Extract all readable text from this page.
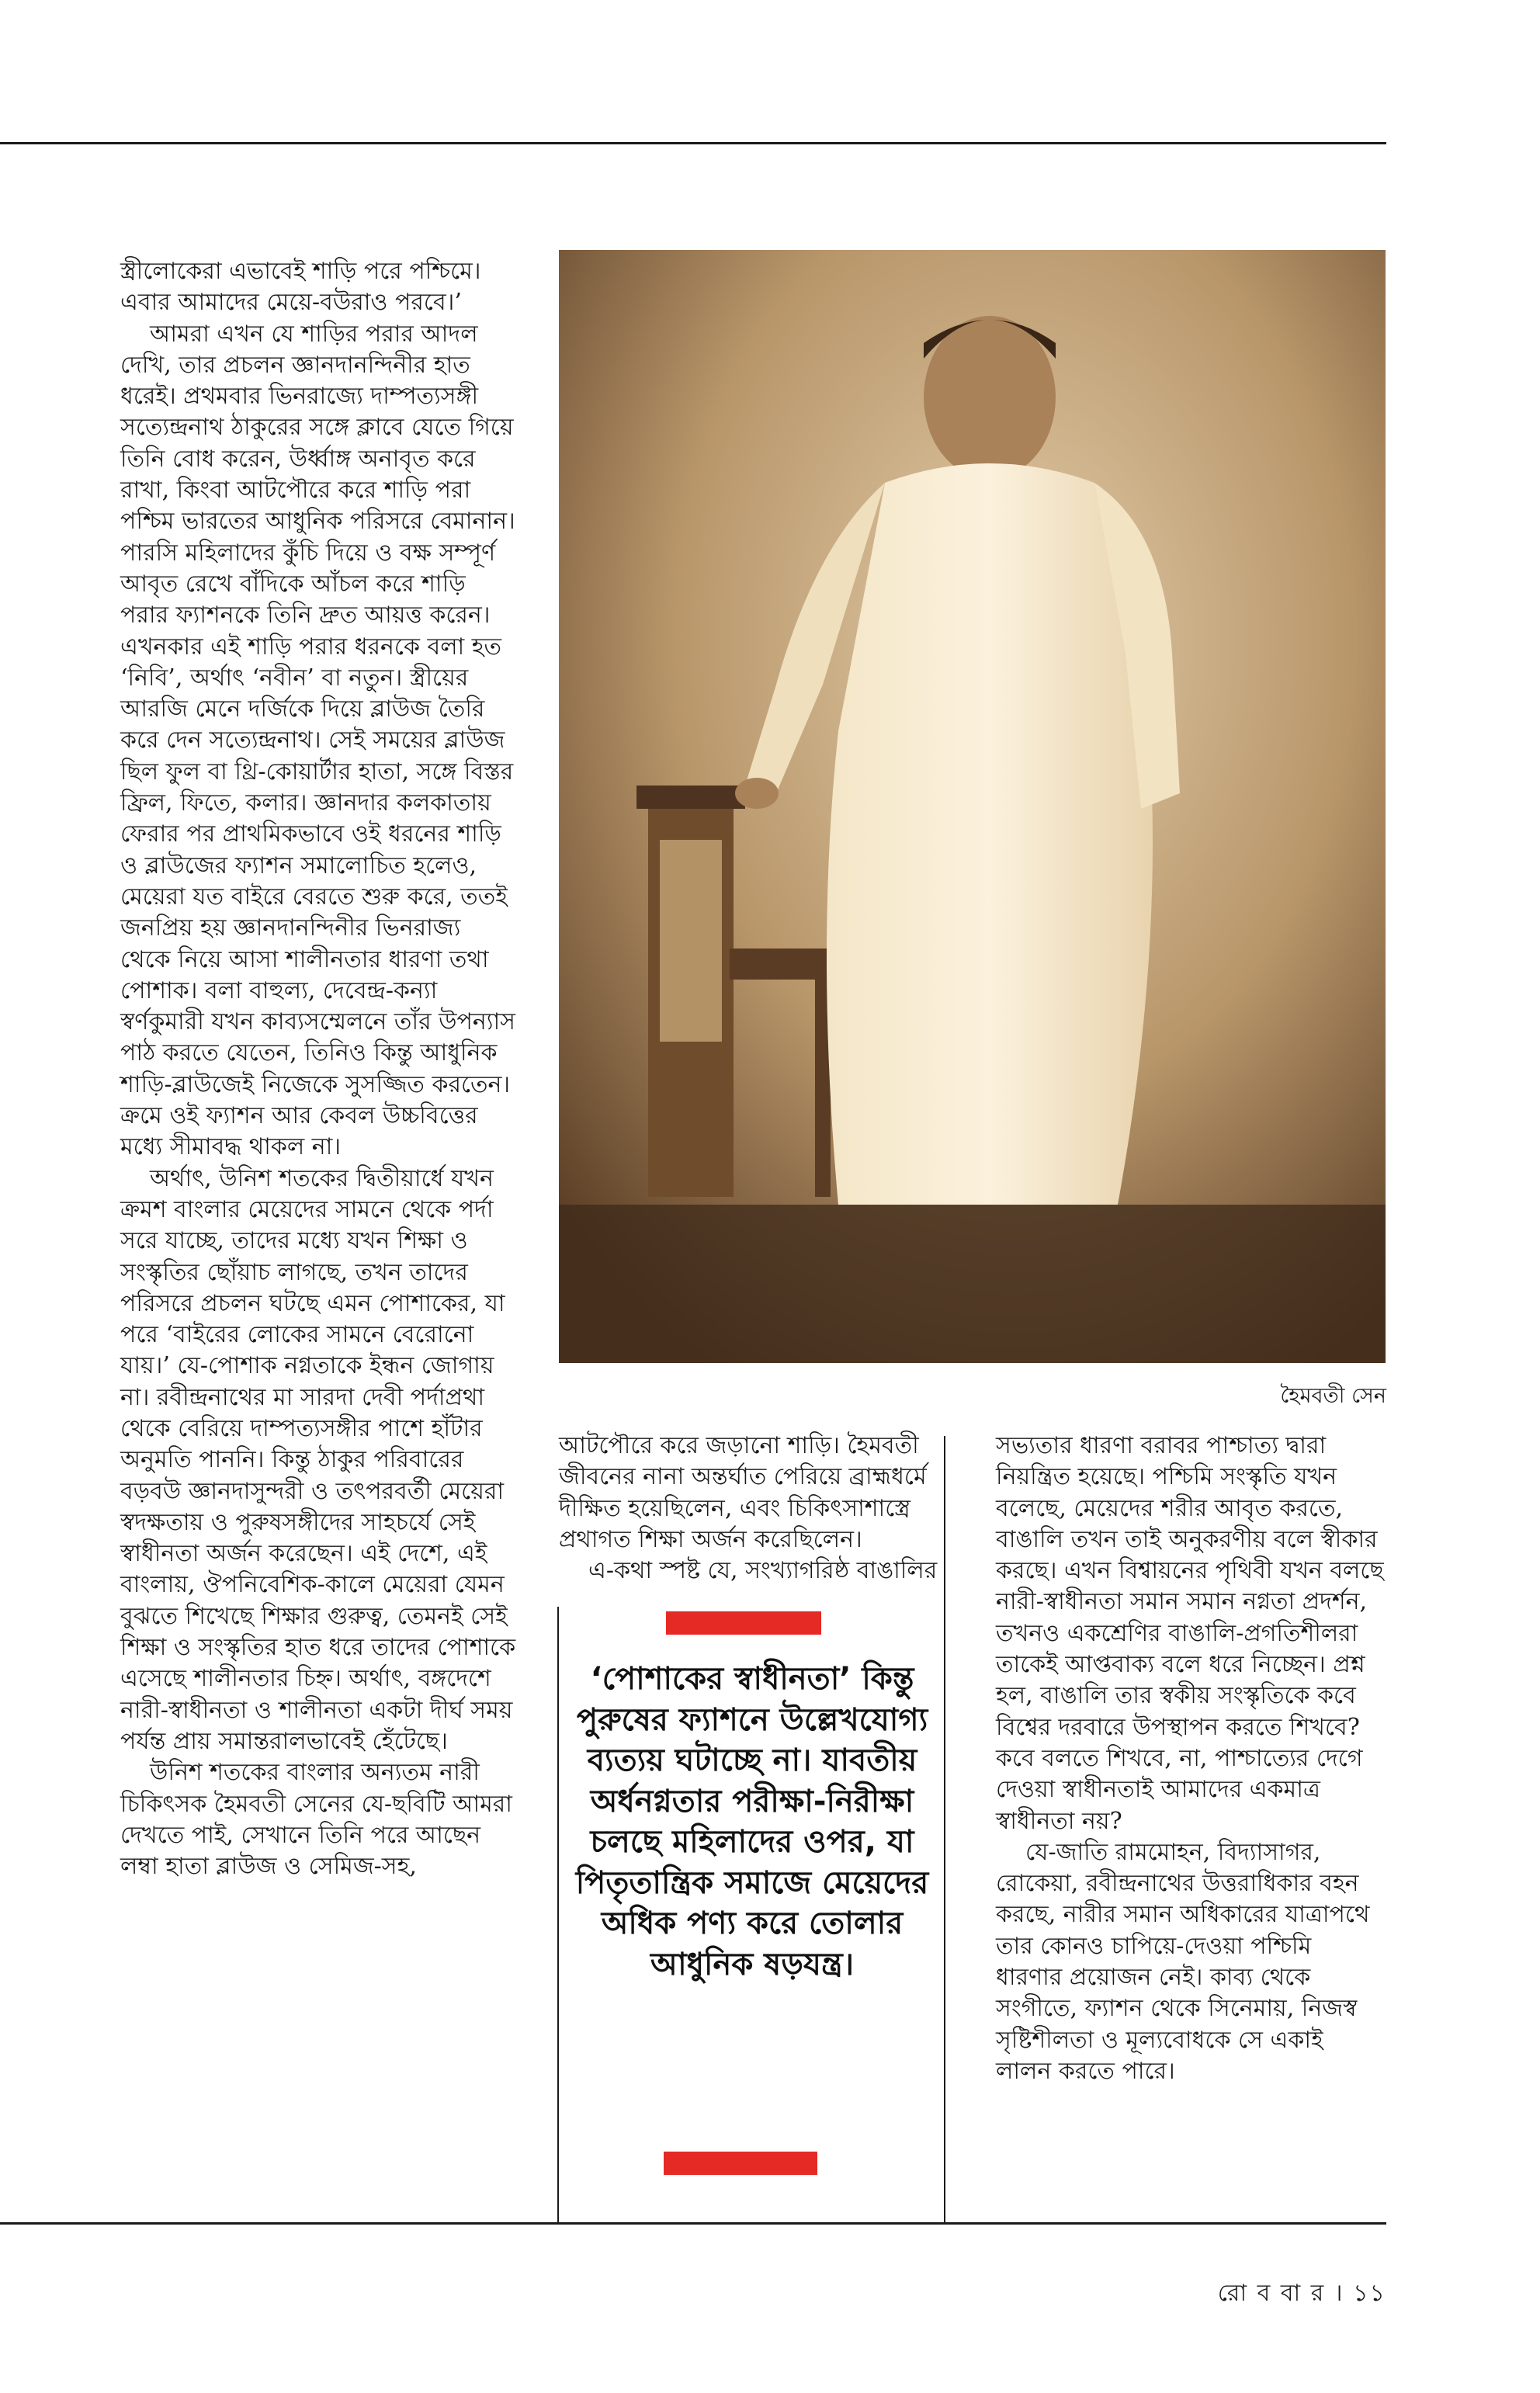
স্ত্রীলোকেরা এভাবেই শাড়ি পরে পশ্চিমে। এবার আমাদের মেয়ে-বউরাও পরবে।’

আমরা এখন যে শাড়ির পরার আদল দেখি, তার প্রচলন জ্ঞানদানন্দিনীর হাত ধরেই। প্রথমবার ভিনরাজ্যে দাম্পত্যসঙ্গী সত্যেন্দ্রনাথ ঠাকুরের সঙ্গে ক্লাবে যেতে গিয়ে তিনি বোধ করেন, উর্ধ্বাঙ্গ অনাবৃত করে রাখা, কিংবা আটপৌরে করে শাড়ি পরা পশ্চিম ভারতের আধুনিক পরিসরে বেমানান। পারসি মহিলাদের কুঁচি দিয়ে ও বক্ষ সম্পূর্ণ আবৃত রেখে বাঁদিকে আঁচল করে শাড়ি পরার ফ্যাশনকে তিনি দ্রুত আয়ত্ত করেন। এখনকার এই শাড়ি পরার ধরনকে বলা হত ‘নিবি’, অর্থাৎ ‘নবীন’ বা নতুন। স্ত্রীয়ের আরজি মেনে দর্জিকে দিয়ে ব্লাউজ তৈরি করে দেন সত্যেন্দ্রনাথ। সেই সময়ের ব্লাউজ ছিল ফুল বা থ্রি-কোয়ার্টার হাতা, সঙ্গে বিস্তর ফ্রিল, ফিতে, কলার। জ্ঞানদার কলকাতায় ফেরার পর প্রাথমিকভাবে ওই ধরনের শাড়ি ও ব্লাউজের ফ্যাশন সমালোচিত হলেও, মেয়েরা যত বাইরে বেরতে শুরু করে, ততই জনপ্রিয় হয় জ্ঞানদানন্দিনীর ভিনরাজ্য থেকে নিয়ে আসা শালীনতার ধারণা তথা পোশাক। বলা বাহুল্য, দেবেন্দ্র-কন্যা স্বর্ণকুমারী যখন কাব্যসম্মেলনে তাঁর উপন্যাস পাঠ করতে যেতেন, তিনিও কিন্তু আধুনিক শাড়ি-ব্লাউজেই নিজেকে সুসজ্জিত করতেন। ক্রমে ওই ফ্যাশন আর কেবল উচ্চবিত্তের মধ্যে সীমাবদ্ধ থাকল না।

অর্থাৎ, উনিশ শতকের দ্বিতীয়ার্ধে যখন ক্রমশ বাংলার মেয়েদের সামনে থেকে পর্দা সরে যাচ্ছে, তাদের মধ্যে যখন শিক্ষা ও সংস্কৃতির ছোঁয়াচ লাগছে, তখন তাদের পরিসরে প্রচলন ঘটছে এমন পোশাকের, যা পরে ‘বাইরের লোকের সামনে বেরোনো যায়।’ যে-পোশাক নগ্নতাকে ইন্ধন জোগায় না। রবীন্দ্রনাথের মা সারদা দেবী পর্দাপ্রথা থেকে বেরিয়ে দাম্পত্যসঙ্গীর পাশে হাঁটার অনুমতি পাননি। কিন্তু ঠাকুর পরিবারের বড়বউ জ্ঞানদাসুন্দরী ও তৎপরবর্তী মেয়েরা স্বদক্ষতায় ও পুরুষসঙ্গীদের সাহচর্যে সেই স্বাধীনতা অর্জন করেছেন। এই দেশে, এই বাংলায়, ঔপনিবেশিক-কালে মেয়েরা যেমন বুঝতে শিখেছে শিক্ষার গুরুত্ব, তেমনই সেই শিক্ষা ও সংস্কৃতির হাত ধরে তাদের পোশাকে এসেছে শালীনতার চিহ্ন। অর্থাৎ, বঙ্গদেশে নারী-স্বাধীনতা ও শালীনতা একটা দীর্ঘ সময় পর্যন্ত প্রায় সমান্তরালভাবেই হেঁটেছে।

উনিশ শতকের বাংলার অন্যতম নারী চিকিৎসক হৈমবতী সেনের যে-ছবিটি আমরা দেখতে পাই, সেখানে তিনি পরে আছেন লম্বা হাতা ব্লাউজ ও সেমিজ-সহ,

হৈমবতী সেন

আটপৌরে করে জড়ানো শাড়ি। হৈমবতী জীবনের নানা অন্তর্ঘাত পেরিয়ে ব্রাহ্মধর্মে দীক্ষিত হয়েছিলেন, এবং চিকিৎসাশাস্ত্রে প্রথাগত শিক্ষা অর্জন করেছিলেন।

এ-কথা স্পষ্ট যে, সংখ্যাগরিষ্ঠ বাঙালির

‘পোশাকের স্বাধীনতা’ কিন্তু পুরুষের ফ্যাশনে উল্লেখযোগ্য ব্যত্যয় ঘটাচ্ছে না। যাবতীয় অর্ধনগ্নতার পরীক্ষা-নিরীক্ষা চলছে মহিলাদের ওপর, যা পিতৃতান্ত্রিক সমাজে মেয়েদের অধিক পণ্য করে তোলার আধুনিক ষড়যন্ত্র।

সভ্যতার ধারণা বরাবর পাশ্চাত্য দ্বারা নিয়ন্ত্রিত হয়েছে। পশ্চিমি সংস্কৃতি যখন বলেছে, মেয়েদের শরীর আবৃত করতে, বাঙালি তখন তাই অনুকরণীয় বলে স্বীকার করছে। এখন বিশ্বায়নের পৃথিবী যখন বলছে নারী-স্বাধীনতা সমান সমান নগ্নতা প্রদর্শন, তখনও একশ্রেণির বাঙালি-প্রগতিশীলরা তাকেই আপ্তবাক্য বলে ধরে নিচ্ছেন। প্রশ্ন হল, বাঙালি তার স্বকীয় সংস্কৃতিকে কবে বিশ্বের দরবারে উপস্থাপন করতে শিখবে? কবে বলতে শিখবে, না, পাশ্চাত্যের দেগে দেওয়া স্বাধীনতাই আমাদের একমাত্র স্বাধীনতা নয়?

যে-জাতি রামমোহন, বিদ্যাসাগর, রোকেয়া, রবীন্দ্রনাথের উত্তরাধিকার বহন করছে, নারীর সমান অধিকারের যাত্রাপথে তার কোনও চাপিয়ে-দেওয়া পশ্চিমি ধারণার প্রয়োজন নেই। কাব্য থেকে সংগীতে, ফ্যাশন থেকে সিনেমায়, নিজস্ব সৃষ্টিশীলতা ও মূল্যবোধকে সে একাই লালন করতে পারে।

রো ব বা র । ১১
